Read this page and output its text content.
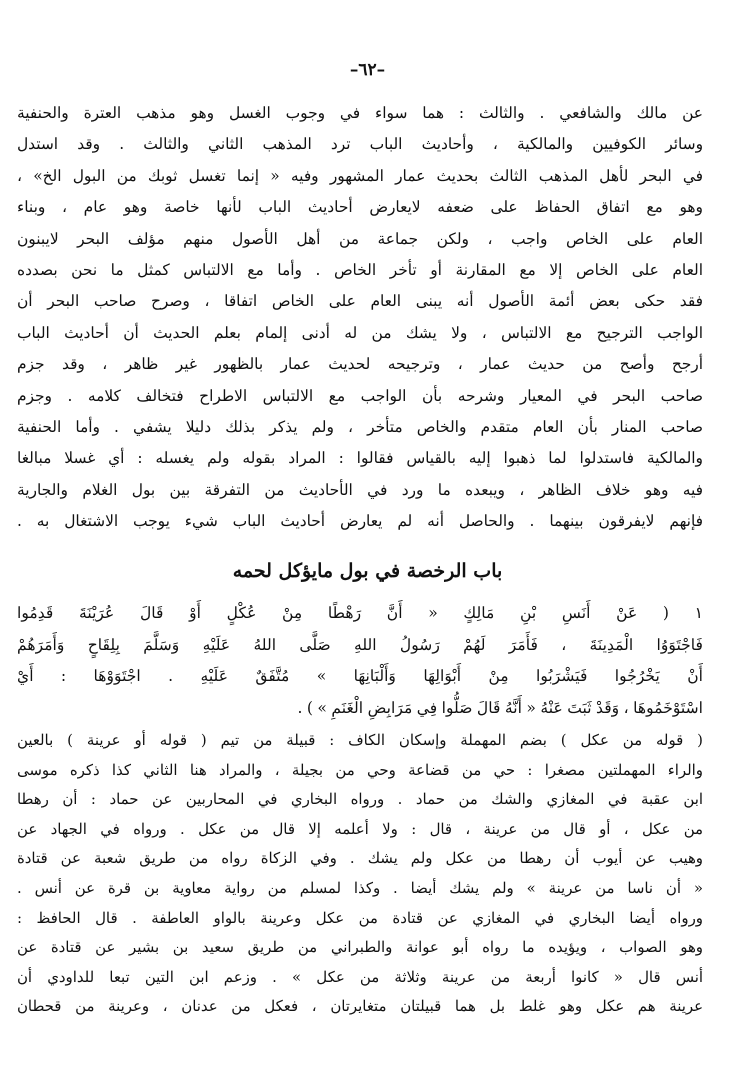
–٦٢–
عن مالك والشافعي . والثالث : هما سواء في وجوب الغسل وهو مذهب العترة والحنفية
وسائر الكوفيين والمالكية ، وأحاديث الباب ترد المذهب الثاني والثالث . وقد استدل
في البحر لأهل المذهب الثالث بحديث عمار المشهور وفيه « إنما تغسل ثوبك من البول الخ» ،
وهو مع اتفاق الحفاظ على ضعفه لايعارض أحاديث الباب لأنها خاصة وهو عام ، وبناء
العام على الخاص واجب ، ولكن جماعة من أهل الأصول منهم مؤلف البحر لايبنون
العام على الخاص إلا مع المقارنة أو تأخر الخاص . وأما مع الالتباس كمثل ما نحن بصدده
فقد حكى بعض أئمة الأصول أنه يبنى العام على الخاص اتفاقا ، وصرح صاحب البحر أن
الواجب الترجيح مع الالتباس ، ولا يشك من له أدنى إلمام بعلم الحديث أن أحاديث الباب
أرجح وأصح من حديث عمار ، وترجيحه لحديث عمار بالظهور غير ظاهر ، وقد جزم
صاحب البحر في المعيار وشرحه بأن الواجب مع الالتباس الاطراح فتخالف كلامه . وجزم
صاحب المنار بأن العام متقدم والخاص متأخر ، ولم يذكر بذلك دليلا يشفي . وأما الحنفية
والمالكية فاستدلوا لما ذهبوا إليه بالقياس فقالوا : المراد بقوله ولم يغسله : أي غسلا مبالغا
فيه وهو خلاف الظاهر ، ويبعده ما ورد في الأحاديث من التفرقة بين بول الغلام والجارية
فإنهم لايفرقون بينهما . والحاصل أنه لم يعارض أحاديث الباب شيء يوجب الاشتغال به .
باب الرخصة في بول مايؤكل لحمه
١ ( عَنْ أَنَسِ بْنِ مَالِكٍ « أَنَّ رَهْطًا مِنْ عُكْلٍ أَوْ قَالَ عُرَيْنَةَ قَدِمُوا
فَاجْتَوَوُا الْمَدِينَةَ ، فَأَمَرَ لَهُمْ رَسُولُ اللهِ صَلَّى اللهُ عَلَيْهِ وَسَلَّمَ بِلِقَاحٍ وَأَمَرَهُمْ
أَنْ يَخْرُجُوا فَيَشْرَبُوا مِنْ أَبْوَالِهَا وَأَلْبَانِهَا » مُتَّفَقٌ عَلَيْهِ . اجْتَوَوْهَا : أَيْ
اسْتَوْخَمُوهَا ، وَقَدْ ثَبَتَ عَنْهُ « أَنَّهُ قَالَ صَلُّوا فِي مَرَابِضِ الْغَنَمِ » ) .
( قوله من عكل ) بضم المهملة وإسكان الكاف : قبيلة من تيم ( قوله أو عرينة ) بالعين
والراء المهملتين مصغرا : حي من قضاعة وحي من بجيلة ، والمراد هنا الثاني كذا ذكره موسى
ابن عقبة في المغازي والشك من حماد . ورواه البخاري في المحاربين عن حماد : أن رهطا
من عكل ، أو قال من عرينة ، قال : ولا أعلمه إلا قال من عكل . ورواه في الجهاد عن
وهيب عن أيوب أن رهطا من عكل ولم يشك . وفي الزكاة رواه من طريق شعبة عن قتادة
« أن ناسا من عرينة » ولم يشك أيضا . وكذا لمسلم من رواية معاوية بن قرة عن أنس .
ورواه أيضا البخاري في المغازي عن قتادة من عكل وعرينة بالواو العاطفة . قال الحافظ :
وهو الصواب ، ويؤيده ما رواه أبو عوانة والطبراني من طريق سعيد بن بشير عن قتادة عن
أنس قال « كانوا أربعة من عرينة وثلاثة من عكل » . وزعم ابن التين تبعا للداودي أن
عرينة هم عكل وهو غلط بل هما قبيلتان متغايرتان ، فعكل من عدنان ، وعرينة من قحطان
